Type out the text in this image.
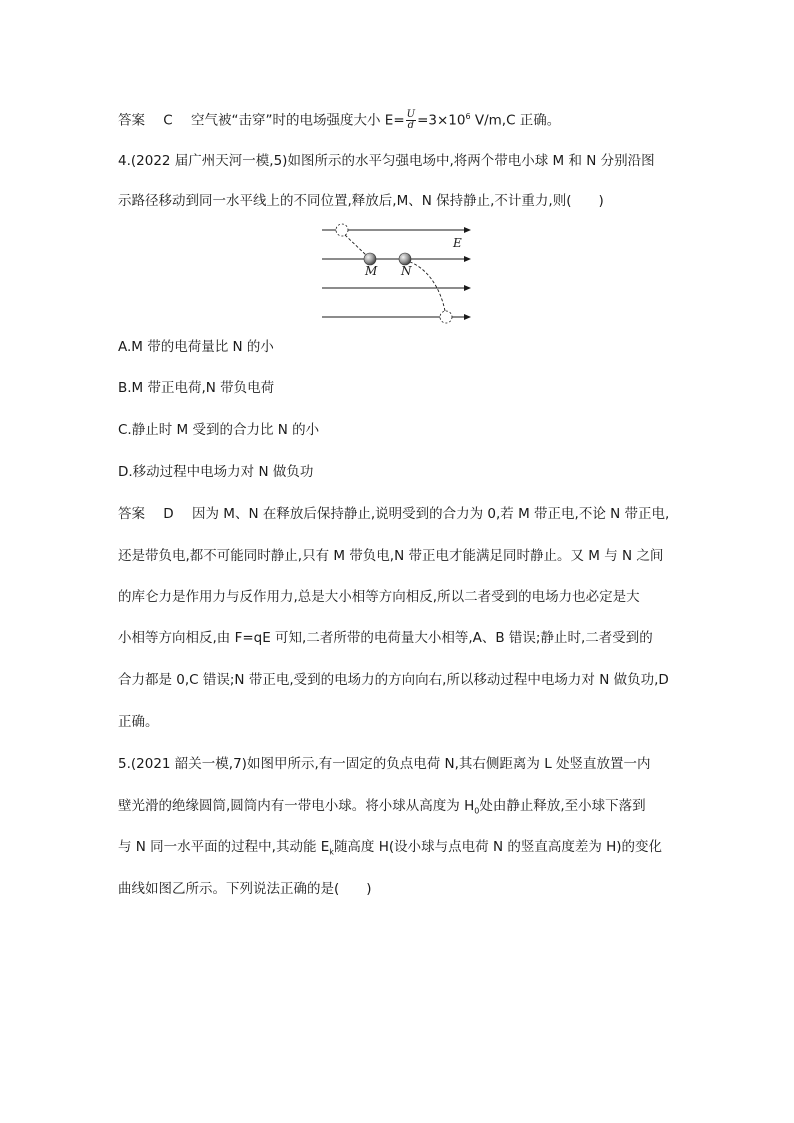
答案 C 空气被“击穿”时的电场强度大小 $E= \frac{U}{d} =3\times 10^6$ V/m,C 正确。
4.(2022 届广州天河一模,5)如图所示的水平匀强电场中,将两个带电小球 M 和 N 分别沿图
示路径移动到同一水平线上的不同位置,释放后,M、N 保持静止,不计重力,则(　　)
E
M N
A.M 带的电荷量比 N 的小
B.M 带正电荷,N 带负电荷
C.静止时 M 受到的合力比 N 的小
D.移动过程中电场力对 N 做负功
答案 D 因为 M、N 在释放后保持静止,说明受到的合力为 0,若 M 带正电,不论 N 带正电,
还是带负电,都不可能同时静止,只有 M 带负电,N 带正电才能满足同时静止。又 M 与 N 之间
的库仑力是作用力与反作用力,总是大小相等方向相反,所以二者受到的电场力也必定是大
小相等方向相反,由 F=qE 可知,二者所带的电荷量大小相等,A、B 错误;静止时,二者受到的
合力都是 0,C 错误;N 带正电,受到的电场力的方向向右,所以移动过程中电场力对 N 做负功,D
正确。
5.(2021 韶关一模,7)如图甲所示,有一固定的负点电荷 N,其右侧距离为 L 处竖直放置一内
壁光滑的绝缘圆筒,圆筒内有一带电小球。将小球从高度为 $H_0$处由静止释放,至小球下落到
与 N 同一水平面的过程中,其动能 $E_k$随高度 H(设小球与点电荷 N 的竖直高度差为 H)的变化
曲线如图乙所示。下列说法正确的是(　　)
